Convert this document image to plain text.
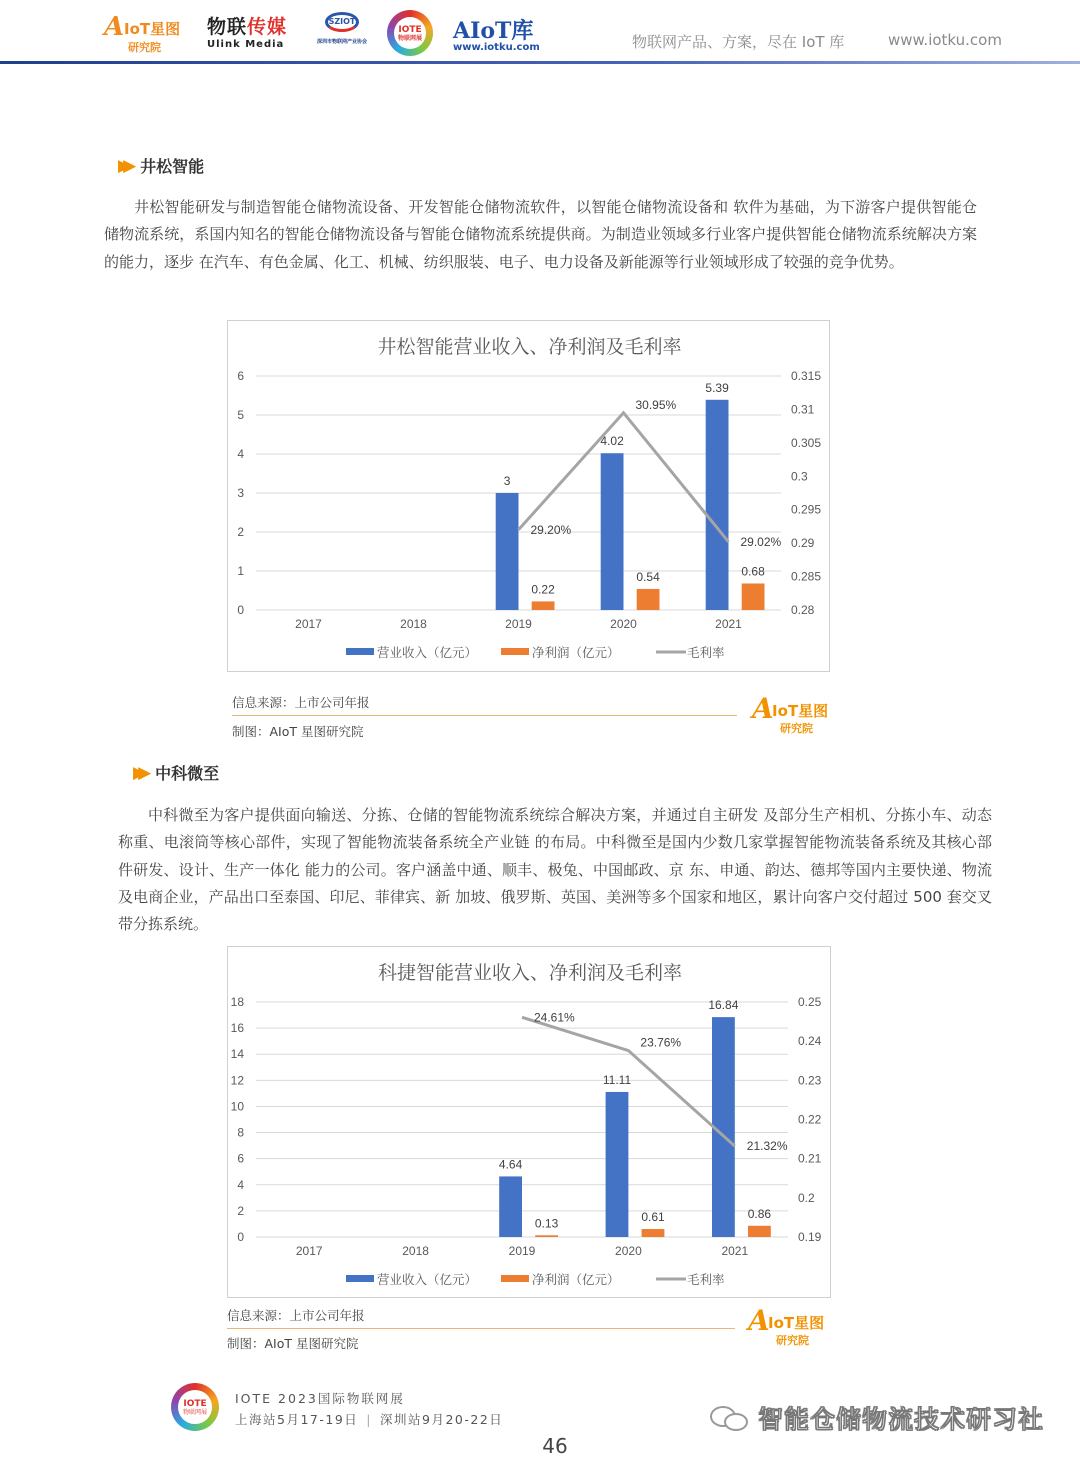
A IoT星图
研究院
物联传媒
Ulink Media
SZIOT
深圳市物联网产业协会
IOTE
物联网展 AIoT库
www.iotku.com	物联网产品、方案，尽在 IoT 库	www.iotku.com
▶▶ 井松智能

井松智能研发与制造智能仓储物流设备、开发智能仓储物流软件，以智能仓储物流设备和 软件为基础，为下游客户提供智能仓储物流系统，系国内知名的智能仓储物流设备与智能仓储物流系统提供商。为制造业领域多行业客户提供智能仓储物流系统解决方案的能力，逐步 在汽车、有色金属、化工、机械、纺织服装、电子、电力设备及新能源等行业领域形成了较强的竞争优势。

井松智能营业收入、净利润及毛利率
0
1
2
3
4
5
6
0.28
0.285
0.29
0.295
0.3
0.305
0.31
0.315
2017	2018	2019	2020	2021
3
4.02
5.39
0.22
0.54	0.68
29.20%
30.95%
29.02%
营业收入（亿元）	净利润（亿元）	毛利率
信息来源：上市公司年报
制图：AIoT 星图研究院
A
IoT星图
研究院
▶▶ 中科微至

中科微至为客户提供面向输送、分拣、仓储的智能物流系统综合解决方案，并通过自主研发 及部分生产相机、分拣小车、动态称重、电滚筒等核心部件，实现了智能物流装备系统全产业链 的布局。中科微至是国内少数几家掌握智能物流装备系统及其核心部件研发、设计、生产一体化 能力的公司。客户涵盖中通、顺丰、极兔、中国邮政、京 东、申通、韵达、德邦等国内主要快递、物流及电商企业，产品出口至泰国、印尼、菲律宾、新 加坡、俄罗斯、英国、美洲等多个国家和地区，累计向客户交付超过 500 套交叉带分拣系统。

科捷智能营业收入、净利润及毛利率
0
2
4
6
8
10
12
14
16
18
0.19
0.2
0.21
0.22
0.23
0.24
0.25
2017	2018	2019	2020	2021
4.64
11.11
16.84
0.13	0.61	0.86
24.61%
23.76%
21.32%
营业收入（亿元）	净利润（亿元）	毛利率
信息来源：上市公司年报
制图：AIoT 星图研究院
A
IoT星图
研究院
IOTE
物联网展
IOTE 2023国际物联网展
上海站5月17-19日 | 深圳站9月20-22日	智能仓储物流技术研习社
46
